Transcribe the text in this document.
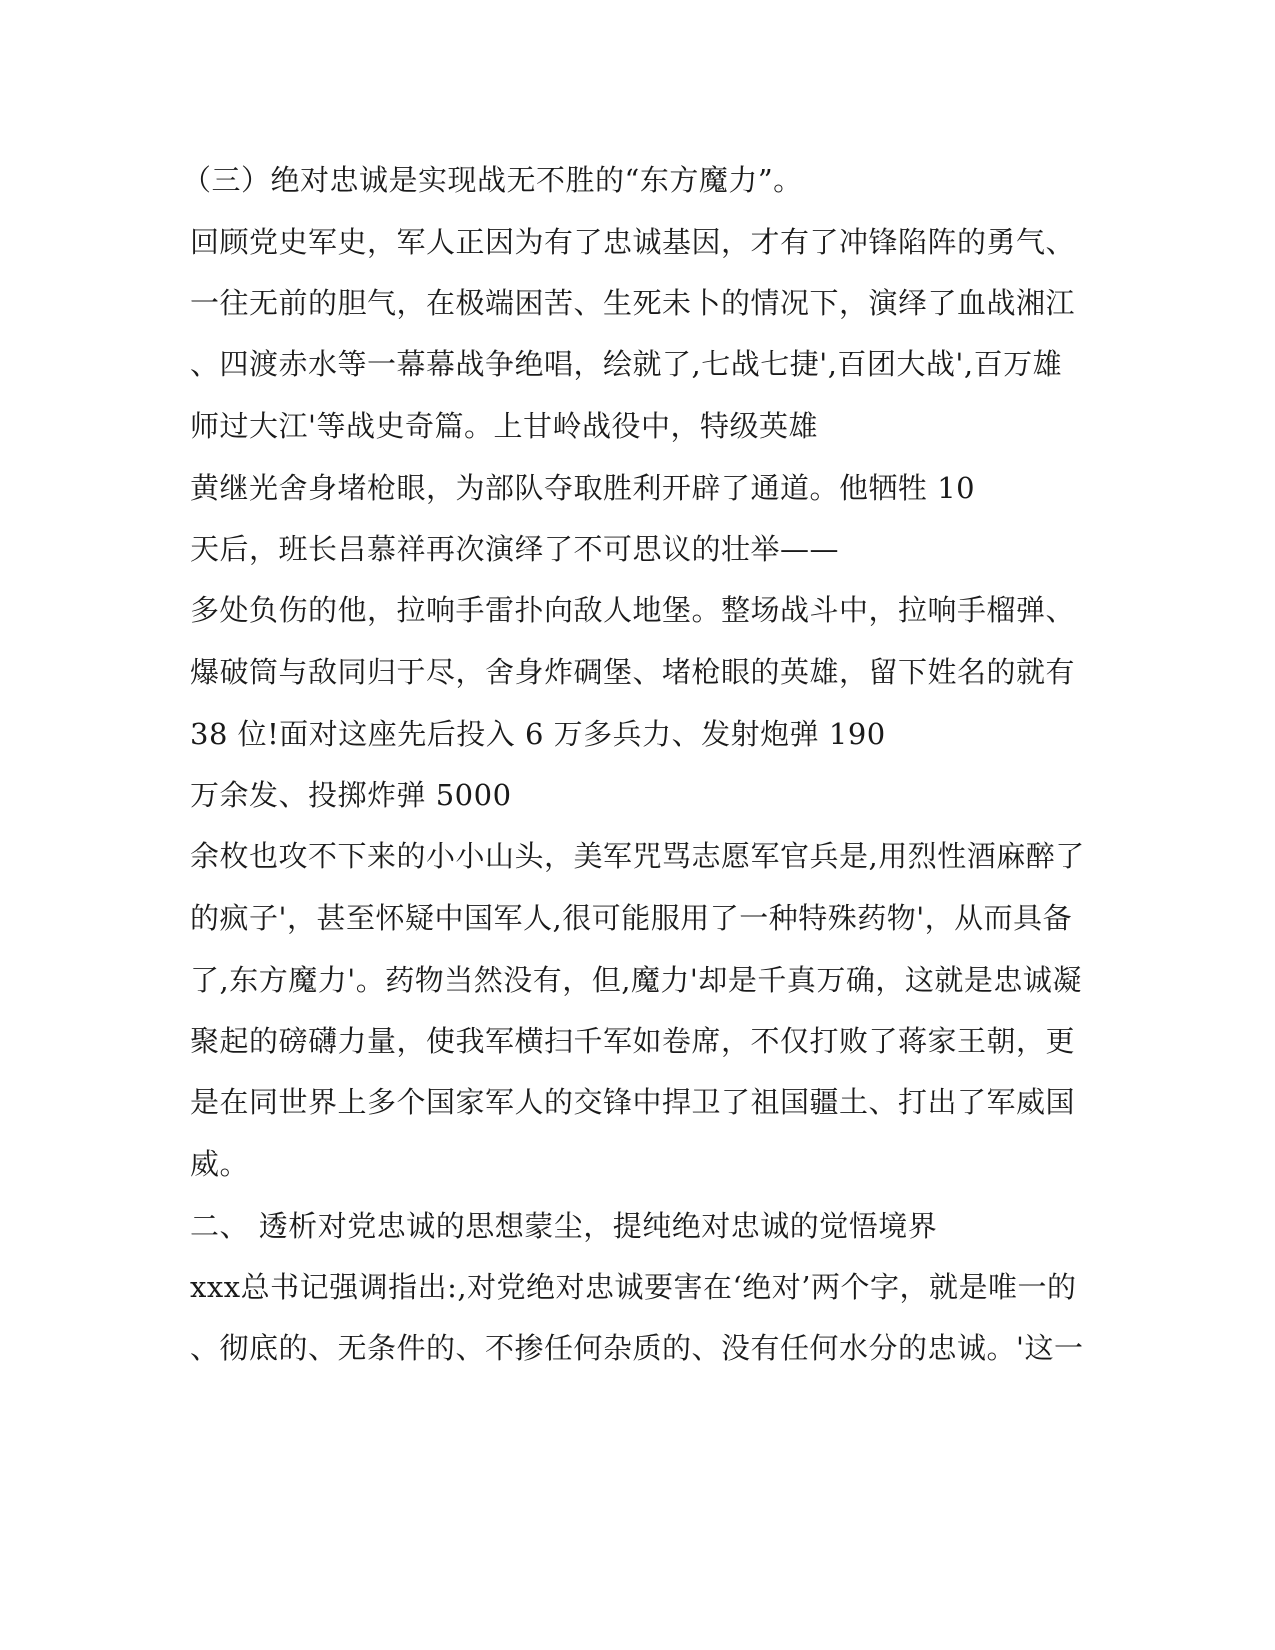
（三）绝对忠诚是实现战无不胜的“东方魔力”。
回顾党史军史，军人正因为有了忠诚基因，才有了冲锋陷阵的勇气、
一往无前的胆气，在极端困苦、生死未卜的情况下，演绎了血战湘江
、四渡赤水等一幕幕战争绝唱，绘就了,七战七捷',百团大战',百万雄
师过大江'等战史奇篇。上甘岭战役中，特级英雄
黄继光舍身堵枪眼，为部队夺取胜利开辟了通道。他牺牲 10
天后，班长吕慕祥再次演绎了不可思议的壮举——
多处负伤的他，拉响手雷扑向敌人地堡。整场战斗中，拉响手榴弹、
爆破筒与敌同归于尽，舍身炸碉堡、堵枪眼的英雄，留下姓名的就有
38 位!面对这座先后投入 6 万多兵力、发射炮弹 190
万余发、投掷炸弹 5000
余枚也攻不下来的小小山头，美军咒骂志愿军官兵是,用烈性酒麻醉了
的疯子'，甚至怀疑中国军人,很可能服用了一种特殊药物'，从而具备
了,东方魔力'。药物当然没有，但,魔力'却是千真万确，这就是忠诚凝
聚起的磅礴力量，使我军横扫千军如卷席，不仅打败了蒋家王朝，更
是在同世界上多个国家军人的交锋中捍卫了祖国疆土、打出了军威国
威。
二、 透析对党忠诚的思想蒙尘，提纯绝对忠诚的觉悟境界
xxx总书记强调指出:,对党绝对忠诚要害在‘绝对’两个字，就是唯一的
、彻底的、无条件的、不掺任何杂质的、没有任何水分的忠诚。'这一
